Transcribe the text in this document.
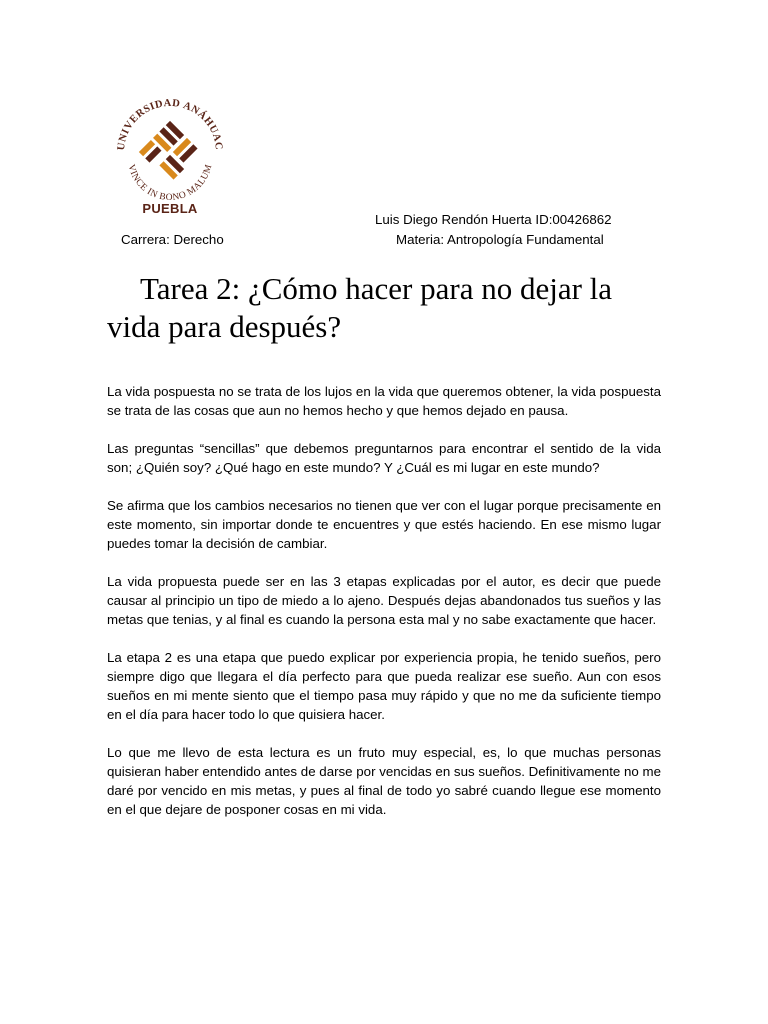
UNIVERSIDAD ANÁHUAC
VINCE IN BONO MALUM
PUEBLA
Luis Diego Rendón Huerta ID:00426862
Carrera: Derecho	Materia: Antropología Fundamental
Tarea 2: ¿Cómo hacer para no dejar la vida para después?

La vida pospuesta no se trata de los lujos en la vida que queremos obtener, la vida pospuesta se trata de las cosas que aun no hemos hecho y que hemos dejado en pausa.

Las preguntas “sencillas” que debemos preguntarnos para encontrar el sentido de la vida son; ¿Quién soy? ¿Qué hago en este mundo? Y ¿Cuál es mi lugar en este mundo?

Se afirma que los cambios necesarios no tienen que ver con el lugar porque precisamente en este momento, sin importar donde te encuentres y que estés haciendo. En ese mismo lugar puedes tomar la decisión de cambiar.

La vida propuesta puede ser en las 3 etapas explicadas por el autor, es decir que puede causar al principio un tipo de miedo a lo ajeno. Después dejas abandonados tus sueños y las metas que tenias, y al final es cuando la persona esta mal y no sabe exactamente que hacer.

La etapa 2 es una etapa que puedo explicar por experiencia propia, he tenido sueños, pero siempre digo que llegara el día perfecto para que pueda realizar ese sueño. Aun con esos sueños en mi mente siento que el tiempo pasa muy rápido y que no me da suficiente tiempo en el día para hacer todo lo que quisiera hacer.

Lo que me llevo de esta lectura es un fruto muy especial, es, lo que muchas personas quisieran haber entendido antes de darse por vencidas en sus sueños. Definitivamente no me daré por vencido en mis metas, y pues al final de todo yo sabré cuando llegue ese momento en el que dejare de posponer cosas en mi vida.
